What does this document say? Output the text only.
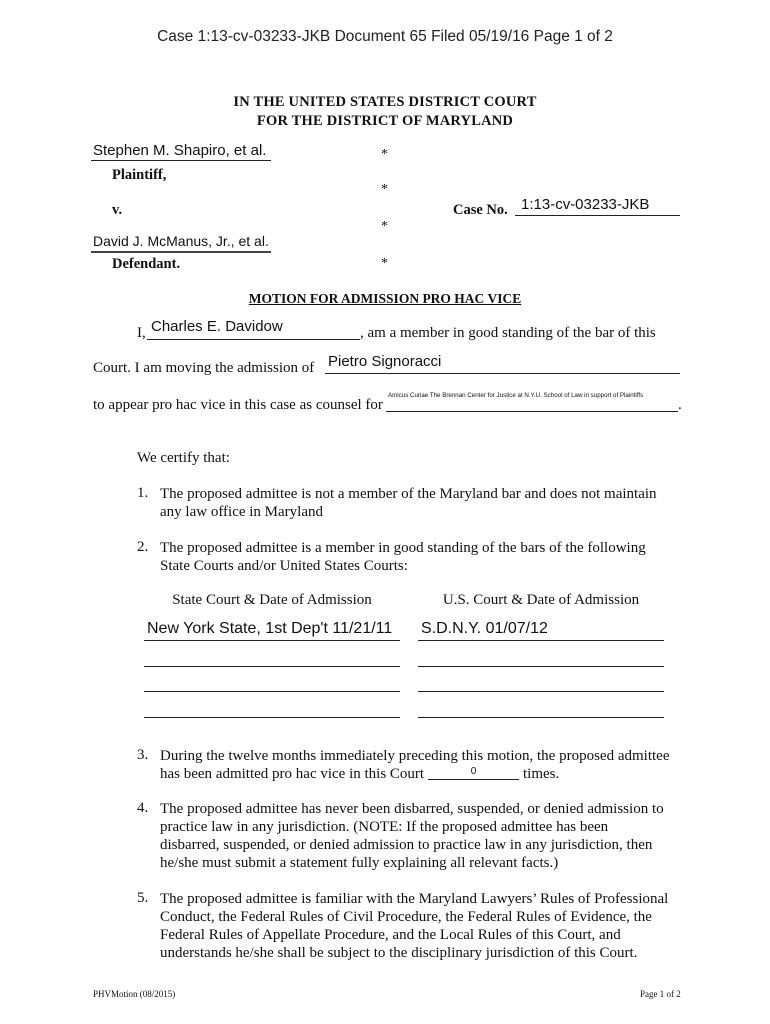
Case 1:13-cv-03233-JKB Document 65 Filed 05/19/16 Page 1 of 2
IN THE UNITED STATES DISTRICT COURT
FOR THE DISTRICT OF MARYLAND
Stephen M. Shapiro, et al.
Plaintiff,
v.
David J. McManus, Jr., et al.
Defendant.
*
*
*
*
Case No. 1:13-cv-03233-JKB
MOTION FOR ADMISSION PRO HAC VICE
I, Charles E. Davidow	, am a member in good standing of the bar of this
Court. I am moving the admission of Pietro Signoracci
to appear pro hac vice in this case as counsel for
Amicus Curiae The Brennan Center for Justice at N.Y.U. School of Law in support of Plaintiffs
.
We certify that:
1. The proposed admittee is not a member of the Maryland bar and does not maintain
any law office in Maryland
2. The proposed admittee is a member in good standing of the bars of the following
State Courts and/or United States Courts:
State Court & Date of Admission	U.S. Court & Date of Admission
New York State, 1st Dep't 11/21/11 S.D.N.Y. 01/07/12
3. During the twelve months immediately preceding this motion, the proposed admittee
has been admitted pro hac vice in this Court	0	times.
4. The proposed admittee has never been disbarred, suspended, or denied admission to
practice law in any jurisdiction. (NOTE: If the proposed admittee has been
disbarred, suspended, or denied admission to practice law in any jurisdiction, then
he/she must submit a statement fully explaining all relevant facts.)
5. The proposed admittee is familiar with the Maryland Lawyers’ Rules of Professional
Conduct, the Federal Rules of Civil Procedure, the Federal Rules of Evidence, the
Federal Rules of Appellate Procedure, and the Local Rules of this Court, and
understands he/she shall be subject to the disciplinary jurisdiction of this Court.
PHVMotion (08/2015)	Page 1 of 2
